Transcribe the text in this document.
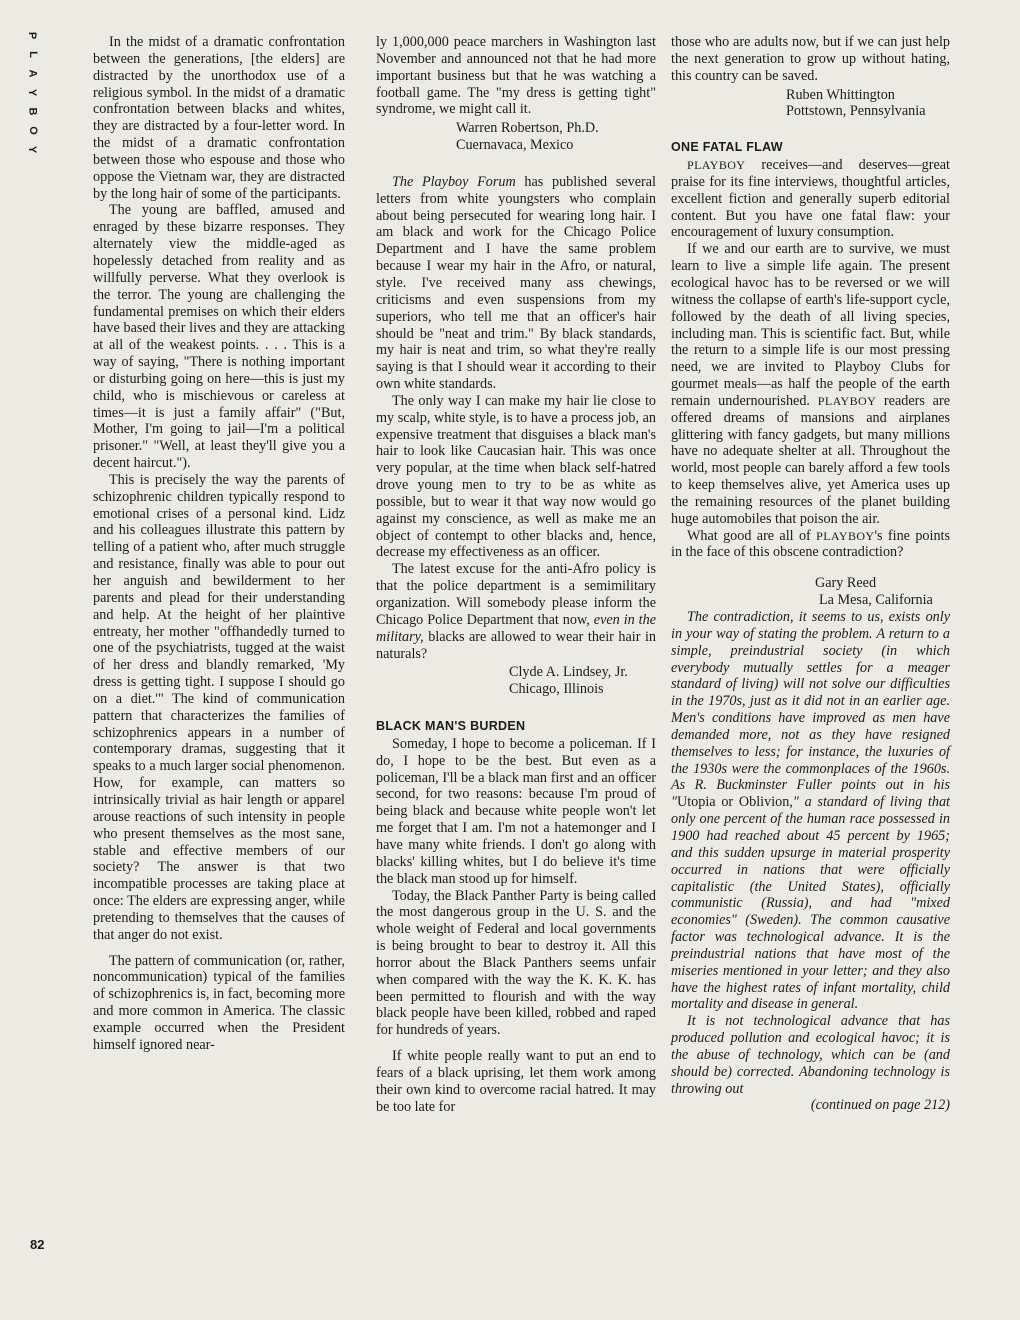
P
L
A
Y
B
O
Y
82

In the midst of a dramatic confrontation between the generations, [the elders] are distracted by the unorthodox use of a religious symbol. In the midst of a dramatic confrontation between blacks and whites, they are distracted by a four-letter word. In the midst of a dramatic confrontation between those who espouse and those who oppose the Vietnam war, they are distracted by the long hair of some of the participants.

The young are baffled, amused and enraged by these bizarre responses. They alternately view the middle-aged as hopelessly detached from reality and as willfully perverse. What they overlook is the terror. The young are challenging the fundamental premises on which their elders have based their lives and they are attacking at all of the weakest points. . . . This is a way of saying, "There is nothing important or disturbing going on here—this is just my child, who is mischievous or careless at times—it is just a family affair" ("But, Mother, I'm going to jail—I'm a political prisoner." "Well, at least they'll give you a decent haircut.").

This is precisely the way the parents of schizophrenic children typically respond to emotional crises of a personal kind. Lidz and his colleagues illustrate this pattern by telling of a patient who, after much struggle and resistance, finally was able to pour out her anguish and bewilderment to her parents and plead for their understanding and help. At the height of her plaintive entreaty, her mother "offhandedly turned to one of the psychiatrists, tugged at the waist of her dress and blandly remarked, 'My dress is getting tight. I suppose I should go on a diet.'" The kind of communication pattern that characterizes the families of schizophrenics appears in a number of contemporary dramas, suggesting that it speaks to a much larger social phenomenon. How, for example, can matters so intrinsically trivial as hair length or apparel arouse reactions of such intensity in people who present themselves as the most sane, stable and effective members of our society? The answer is that two incompatible processes are taking place at once: The elders are expressing anger, while pretending to themselves that the causes of that anger do not exist.

The pattern of communication (or, rather, noncommunication) typical of the families of schizophrenics is, in fact, becoming more and more common in America. The classic example occurred when the President himself ignored near-

ly 1,000,000 peace marchers in Washington last November and announced not that he had more important business but that he was watching a football game. The "my dress is getting tight" syndrome, we might call it.

Warren Robertson, Ph.D.

Cuernavaca, Mexico

The Playboy Forum has published several letters from white youngsters who complain about being persecuted for wearing long hair. I am black and work for the Chicago Police Department and I have the same problem because I wear my hair in the Afro, or natural, style. I've received many ass chewings, criticisms and even suspensions from my superiors, who tell me that an officer's hair should be "neat and trim." By black standards, my hair is neat and trim, so what they're really saying is that I should wear it according to their own white standards.

The only way I can make my hair lie close to my scalp, white style, is to have a process job, an expensive treatment that disguises a black man's hair to look like Caucasian hair. This was once very popular, at the time when black self-hatred drove young men to try to be as white as possible, but to wear it that way now would go against my conscience, as well as make me an object of contempt to other blacks and, hence, decrease my effectiveness as an officer.

The latest excuse for the anti-Afro policy is that the police department is a semimilitary organization. Will somebody please inform the Chicago Police Department that now, even in the military, blacks are allowed to wear their hair in naturals?

Clyde A. Lindsey, Jr.

Chicago, Illinois

BLACK MAN'S BURDEN

Someday, I hope to become a policeman. If I do, I hope to be the best. But even as a policeman, I'll be a black man first and an officer second, for two reasons: because I'm proud of being black and because white people won't let me forget that I am. I'm not a hatemonger and I have many white friends. I don't go along with blacks' killing whites, but I do believe it's time the black man stood up for himself.

Today, the Black Panther Party is being called the most dangerous group in the U. S. and the whole weight of Federal and local governments is being brought to bear to destroy it. All this horror about the Black Panthers seems unfair when compared with the way the K. K. K. has been permitted to flourish and with the way black people have been killed, robbed and raped for hundreds of years.

If white people really want to put an end to fears of a black uprising, let them work among their own kind to overcome racial hatred. It may be too late for

those who are adults now, but if we can just help the next generation to grow up without hating, this country can be saved.

Ruben Whittington

Pottstown, Pennsylvania

ONE FATAL FLAW

PLAYBOY receives—and deserves—great praise for its fine interviews, thoughtful articles, excellent fiction and generally superb editorial content. But you have one fatal flaw: your encouragement of luxury consumption.

If we and our earth are to survive, we must learn to live a simple life again. The present ecological havoc has to be reversed or we will witness the collapse of earth's life-support cycle, followed by the death of all living species, including man. This is scientific fact. But, while the return to a simple life is our most pressing need, we are invited to Playboy Clubs for gourmet meals—as half the people of the earth remain undernourished. PLAYBOY readers are offered dreams of mansions and airplanes glittering with fancy gadgets, but many millions have no adequate shelter at all. Throughout the world, most people can barely afford a few tools to keep themselves alive, yet America uses up the remaining resources of the planet building huge automobiles that poison the air.

What good are all of PLAYBOY's fine points in the face of this obscene contradiction?

Gary Reed

La Mesa, California

The contradiction, it seems to us, exists only in your way of stating the problem. A return to a simple, preindustrial society (in which everybody mutually settles for a meager standard of living) will not solve our difficulties in the 1970s, just as it did not in an earlier age. Men's conditions have improved as men have demanded more, not as they have resigned themselves to less; for instance, the luxuries of the 1930s were the commonplaces of the 1960s. As R. Buckminster Fuller points out in his "Utopia or Oblivion," a standard of living that only one percent of the human race possessed in 1900 had reached about 45 percent by 1965; and this sudden upsurge in material prosperity occurred in nations that were officially capitalistic (the United States), officially communistic (Russia), and had "mixed economies" (Sweden). The common causative factor was technological advance. It is the preindustrial nations that have most of the miseries mentioned in your letter; and they also have the highest rates of infant mortality, child mortality and disease in general.

It is not technological advance that has produced pollution and ecological havoc; it is the abuse of technology, which can be (and should be) corrected. Abandoning technology is throwing out

(continued on page 212)
